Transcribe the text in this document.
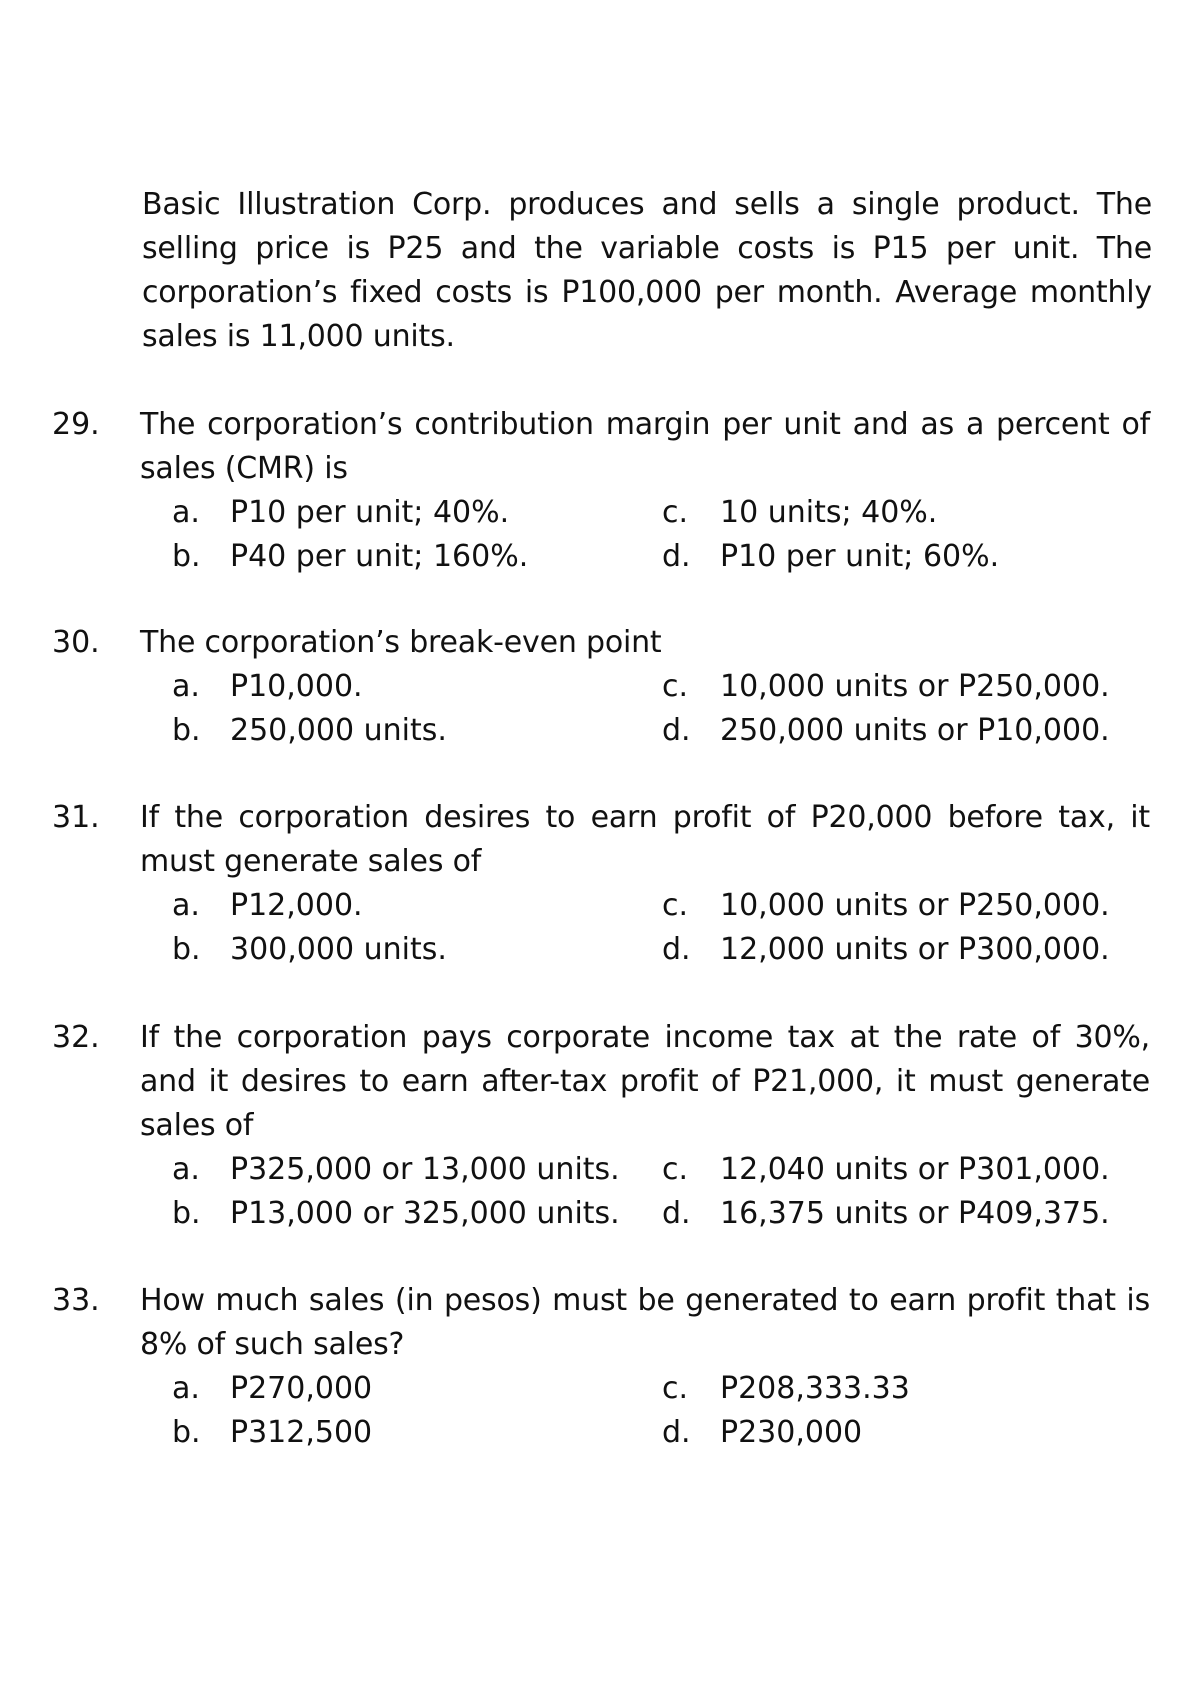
Basic Illustration Corp. produces and sells a single product. The selling price is P25 and the variable costs is P15 per unit. The corporation’s fixed costs is P100,000 per month. Average monthly sales is 11,000 units.

29.	The corporation’s contribution margin per unit and as a percent of sales (CMR) is
a. P10 per unit; 40%.
b. P40 per unit; 160%.
c. 10 units; 40%.
d. P10 per unit; 60%.
30.	The corporation’s break-even point
a. P10,000.
b. 250,000 units.
c. 10,000 units or P250,000.
d. 250,000 units or P10,000.
31.	If the corporation desires to earn profit of P20,000 before tax, it must generate sales of
a. P12,000.
b. 300,000 units.
c. 10,000 units or P250,000.
d. 12,000 units or P300,000.
32.	If the corporation pays corporate income tax at the rate of 30%, and it desires to earn after-tax profit of P21,000, it must generate sales of
a. P325,000 or 13,000 units.
b. P13,000 or 325,000 units.
c. 12,040 units or P301,000.
d. 16,375 units or P409,375.
33.	How much sales (in pesos) must be generated to earn profit that is 8% of such sales?
a. P270,000
b. P312,500
c. P208,333.33
d. P230,000
